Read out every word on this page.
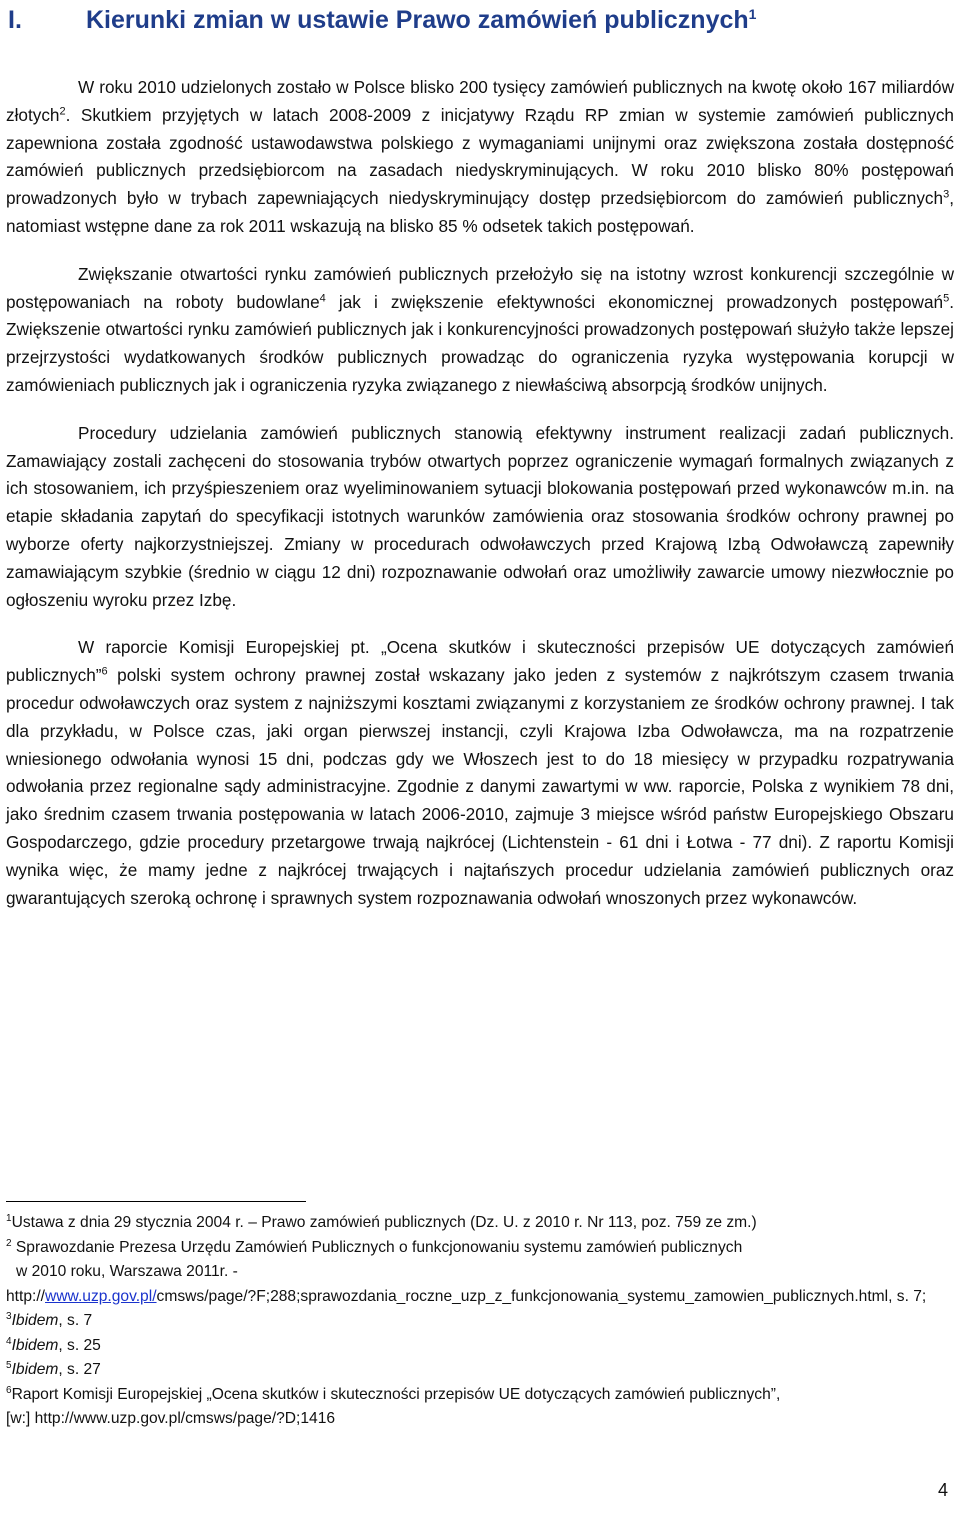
I.	Kierunki zmian w ustawie Prawo zamówień publicznych$^1$

W roku 2010 udzielonych zostało w Polsce blisko 200 tysięcy zamówień publicznych na kwotę około 167 miliardów złotych$^2$. Skutkiem przyjętych w latach 2008-2009 z inicjatywy Rządu RP zmian w systemie zamówień publicznych zapewniona została zgodność ustawodawstwa polskiego z wymaganiami unijnymi oraz zwiększona została dostępność zamówień publicznych przedsiębiorcom na zasadach niedyskryminujących. W roku 2010 blisko 80% postępowań prowadzonych było w trybach zapewniających niedyskryminujący dostęp przedsiębiorcom do zamówień publicznych$^3$, natomiast wstępne dane za rok 2011 wskazują na blisko 85 % odsetek takich postępowań.

Zwiększanie otwartości rynku zamówień publicznych przełożyło się na istotny wzrost konkurencji szczególnie w postępowaniach na roboty budowlane$^4$ jak i zwiększenie efektywności ekonomicznej prowadzonych postępowań$^5$. Zwiększenie otwartości rynku zamówień publicznych jak i konkurencyjności prowadzonych postępowań służyło także lepszej przejrzystości wydatkowanych środków publicznych prowadząc do ograniczenia ryzyka występowania korupcji w zamówieniach publicznych jak i ograniczenia ryzyka związanego z niewłaściwą absorpcją środków unijnych.

Procedury udzielania zamówień publicznych stanowią efektywny instrument realizacji zadań publicznych. Zamawiający zostali zachęceni do stosowania trybów otwartych poprzez ograniczenie wymagań formalnych związanych z ich stosowaniem, ich przyśpieszeniem oraz wyeliminowaniem sytuacji blokowania postępowań przed wykonawców m.in. na etapie składania zapytań do specyfikacji istotnych warunków zamówienia oraz stosowania środków ochrony prawnej po wyborze oferty najkorzystniejszej. Zmiany w procedurach odwoławczych przed Krajową Izbą Odwoławczą zapewniły zamawiającym szybkie (średnio w ciągu 12 dni) rozpoznawanie odwołań oraz umożliwiły zawarcie umowy niezwłocznie po ogłoszeniu wyroku przez Izbę.

W raporcie Komisji Europejskiej pt. „Ocena skutków i skuteczności przepisów UE dotyczących zamówień publicznych”$^6$ polski system ochrony prawnej został wskazany jako jeden z systemów z najkrótszym czasem trwania procedur odwoławczych oraz system z najniższymi kosztami związanymi z korzystaniem ze środków ochrony prawnej. I tak dla przykładu, w Polsce czas, jaki organ pierwszej instancji, czyli Krajowa Izba Odwoławcza, ma na rozpatrzenie wniesionego odwołania wynosi 15 dni, podczas gdy we Włoszech jest to do 18 miesięcy w przypadku rozpatrywania odwołania przez regionalne sądy administracyjne. Zgodnie z danymi zawartymi w ww. raporcie, Polska z wynikiem 78 dni, jako średnim czasem trwania postępowania w latach 2006-2010, zajmuje 3 miejsce wśród państw Europejskiego Obszaru Gospodarczego, gdzie procedury przetargowe trwają najkrócej (Lichtenstein - 61 dni i Łotwa - 77 dni). Z raportu Komisji wynika więc, że mamy jedne z najkrócej trwających i najtańszych procedur udzielania zamówień publicznych oraz gwarantujących szeroką ochronę i sprawnych system rozpoznawania odwołań wnoszonych przez wykonawców.

$^1$Ustawa z dnia 29 stycznia 2004 r. – Prawo zamówień publicznych (Dz. U. z 2010 r. Nr 113, poz. 759 ze zm.)

$^2$ Sprawozdanie Prezesa Urzędu Zamówień Publicznych o funkcjonowaniu systemu zamówień publicznych

w 2010 roku, Warszawa 2011r. -

http://www.uzp.gov.pl/cmsws/page/?F;288;sprawozdania_roczne_uzp_z_funkcjonowania_systemu_zamowien_publicznych.html, s. 7;

$^3$Ibidem, s. 7

$^4$Ibidem, s. 25

$^5$Ibidem, s. 27

$^6$Raport Komisji Europejskiej „Ocena skutków i skuteczności przepisów UE dotyczących zamówień publicznych”,

[w:] http://www.uzp.gov.pl/cmsws/page/?D;1416

4
